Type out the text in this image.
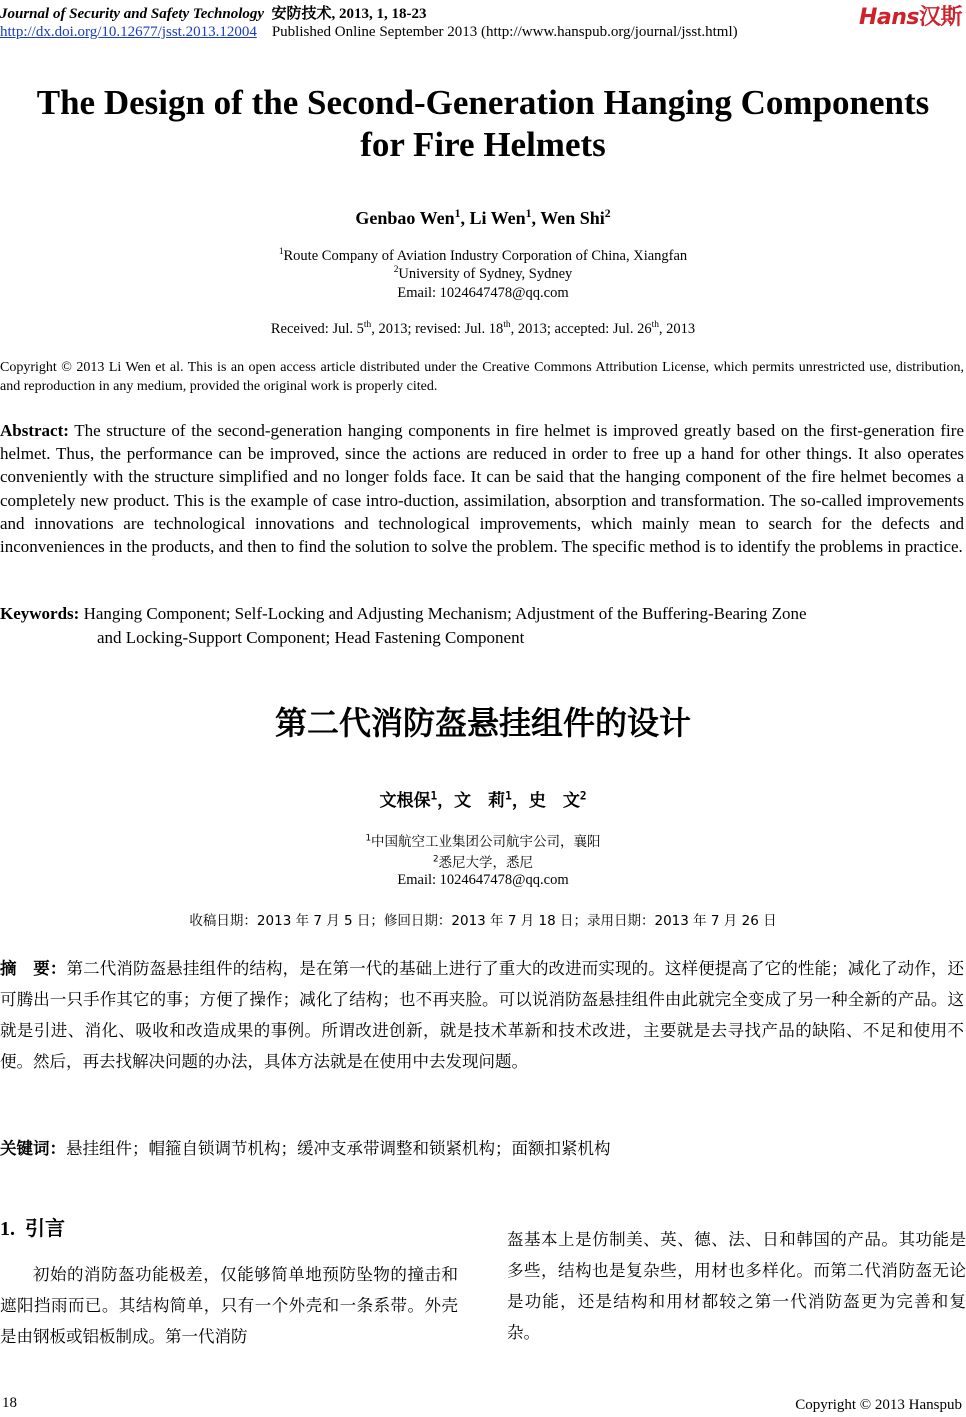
Journal of Security and Safety Technology 安防技术, 2013, 1, 18-23	Hans汉斯
http://dx.doi.org/10.12677/jsst.2013.12004 Published Online September 2013 (http://www.hanspub.org/journal/jsst.html)
The Design of the Second-Generation Hanging Components
for Fire Helmets
Genbao Wen$^1$, Li Wen$^1$, Wen Shi$^2$
$^1$Route Company of Aviation Industry Corporation of China, Xiangfan
$^2$University of Sydney, Sydney
Email: 1024647478@qq.com
Received: Jul. 5th, 2013; revised: Jul. 18th, 2013; accepted: Jul. 26th, 2013
Copyright © 2013 Li Wen et al. This is an open access article distributed under the Creative Commons Attribution License, which permits unrestricted use, distribution, and reproduction in any medium, provided the original work is properly cited.
Abstract: The structure of the second-generation hanging components in fire helmet is improved greatly based on the first-generation fire helmet. Thus, the performance can be improved, since the actions are reduced in order to free up a hand for other things. It also operates conveniently with the structure simplified and no longer folds face. It can be said that the hanging component of the fire helmet becomes a completely new product. This is the example of case intro-duction, assimilation, absorption and transformation. The so-called improvements and innovations are technological innovations and technological improvements, which mainly mean to search for the defects and inconveniences in the products, and then to find the solution to solve the problem. The specific method is to identify the problems in practice.
Keywords: Hanging Component; Self-Locking and Adjusting Mechanism; Adjustment of the Buffering-Bearing Zone
and Locking-Support Component; Head Fastening Component
第二代消防盔悬挂组件的设计
文根保$^1$，文　莉$^1$，史　文$^2$
$^1$中国航空工业集团公司航宇公司，襄阳
$^2$悉尼大学，悉尼
Email: 1024647478@qq.com
收稿日期：2013 年 7 月 5 日；修回日期：2013 年 7 月 18 日；录用日期：2013 年 7 月 26 日
摘　要：第二代消防盔悬挂组件的结构，是在第一代的基础上进行了重大的改进而实现的。这样便提高了它的性能；减化了动作，还可腾出一只手作其它的事；方便了操作；减化了结构；也不再夹脸。可以说消防盔悬挂组件由此就完全变成了另一种全新的产品。这就是引进、消化、吸收和改造成果的事例。所谓改进创新，就是技术革新和技术改进，主要就是去寻找产品的缺陷、不足和使用不便。然后，再去找解决问题的办法，具体方法就是在使用中去发现问题。
关键词：悬挂组件；帽箍自锁调节机构；缓冲支承带调整和锁紧机构；面额扣紧机构
1. 引言
初始的消防盔功能极差，仅能够简单地预防坠物的撞击和遮阳挡雨而已。其结构简单，只有一个外壳和一条系带。外壳是由钢板或铝板制成。第一代消防
盔基本上是仿制美、英、德、法、日和韩国的产品。其功能是多些，结构也是复杂些，用材也多样化。而第二代消防盔无论是功能，还是结构和用材都较之第一代消防盔更为完善和复杂。
18	Copyright © 2013 Hanspub
